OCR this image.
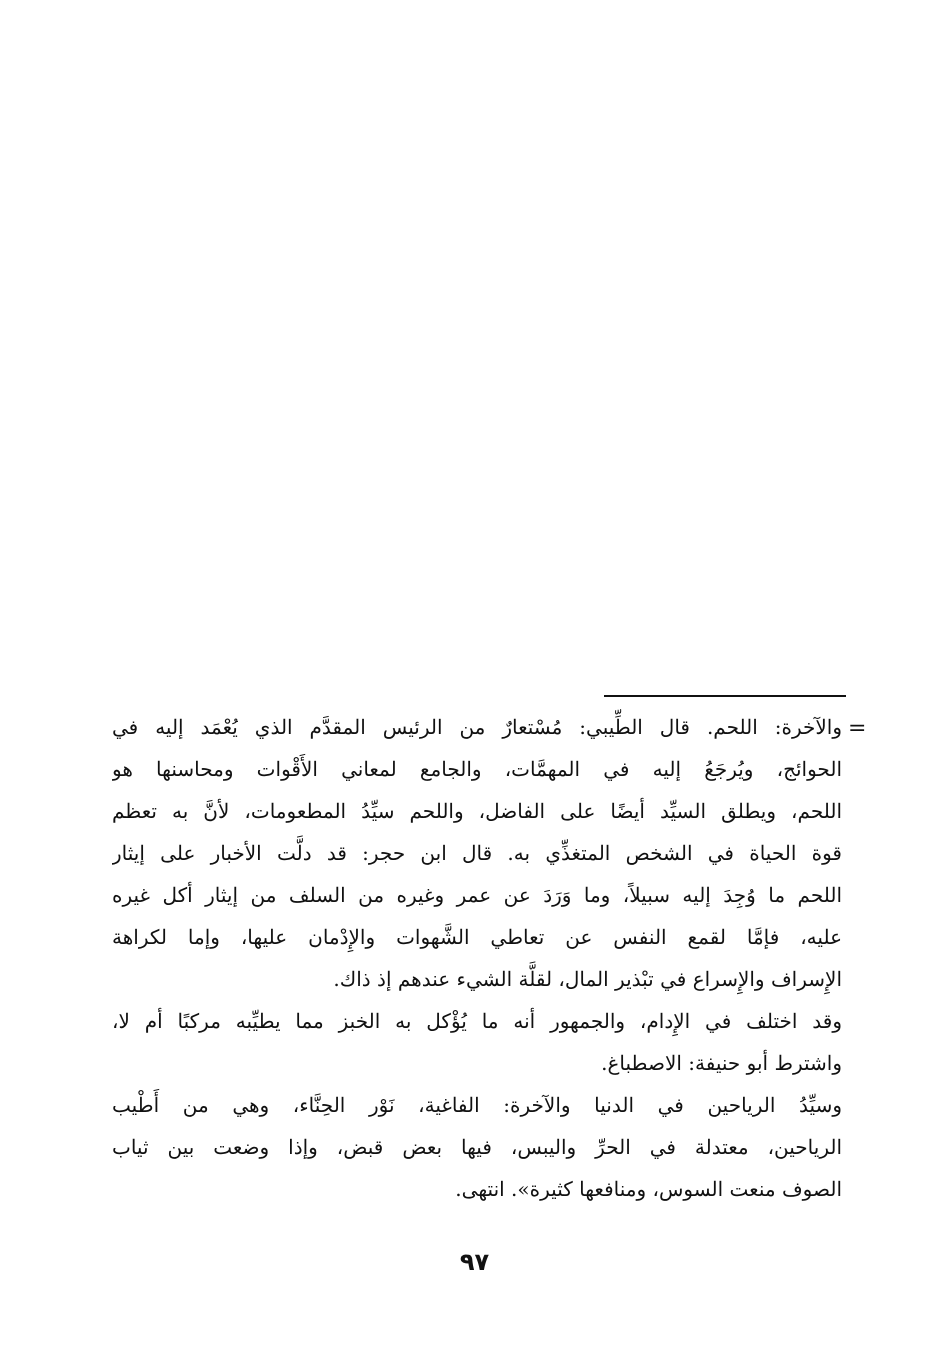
=
والآخرة: اللحم. قال الطِّيبي: مُسْتعارٌ من الرئيس المقدَّم الذي يُعْمَد إليه في
الحوائج، ويُرجَعُ إليه في المهمَّات، والجامع لمعاني الأَقْوات ومحاسنها هو
اللحم، ويطلق السيِّد أيضًا على الفاضل، واللحم سيِّدُ المطعومات، لأنَّ به تعظم
قوة الحياة في الشخص المتغذِّي به. قال ابن حجر: قد دلَّت الأخبار على إيثار
اللحم ما وُجِدَ إليه سبيلاً، وما وَرَدَ عن عمر وغيره من السلف من إيثار أكل غيره
عليه، فإمَّا لقمع النفس عن تعاطي الشَّهوات والإِدْمان عليها، وإما لكراهة
الإِسراف والإِسراع في تبْذير المال، لقلَّة الشيء عندهم إذ ذاك.
وقد اختلف في الإِدام، والجمهور أنه ما يُؤْكل به الخبز مما يطيِّبه مركبًا أم لا،
واشترط أبو حنيفة: الاصطباغ.
وسيِّدُ الرياحين في الدنيا والآخرة: الفاغية، نَوْر الحِنَّاء، وهي من أَطْيب
الرياحين، معتدلة في الحرِّ واليبس، فيها بعض قبض، وإذا وضعت بين ثياب
الصوف منعت السوس، ومنافعها كثيرة». انتهى.
٩٧
